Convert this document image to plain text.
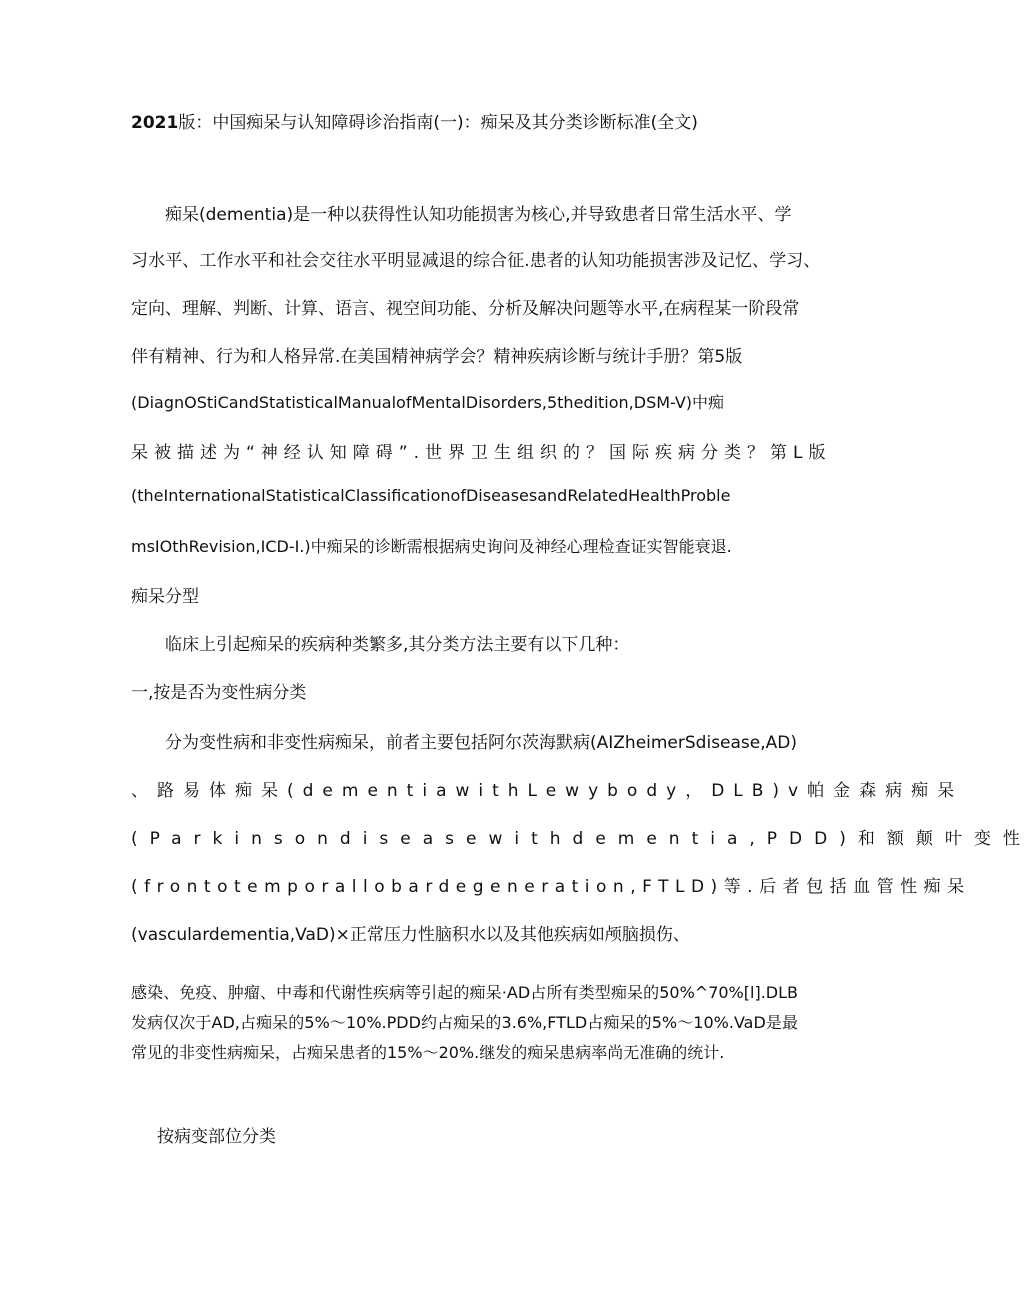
2021版：中国痴呆与认知障碍诊治指南(一)：痴呆及其分类诊断标准(全文)
痴呆(dementia)是一种以获得性认知功能损害为核心,并导致患者日常生活水平、学
习水平、工作水平和社会交往水平明显减退的综合征.患者的认知功能损害涉及记忆、学习、
定向、理解、判断、计算、语言、视空间功能、分析及解决问题等水平,在病程某一阶段常
伴有精神、行为和人格异常.在美国精神病学会？精神疾病诊断与统计手册？第5版
(DiagnOStiCandStatisticalManualofMentalDisorders,5thedition,DSM-V)中痴
呆被描述为“神经认知障碍”.世界卫生组织的？国际疾病分类？第L版
(theInternationalStatisticalClassificationofDiseasesandRelatedHealthProble
msIOthRevision,ICD-I.)中痴呆的诊断需根据病史询问及神经心理检查证实智能衰退.
痴呆分型
临床上引起痴呆的疾病种类繁多,其分类方法主要有以下几种：
一,按是否为变性病分类
分为变性病和非变性病痴呆，前者主要包括阿尔茨海默病(AIZheimerSdisease,AD)
、路易体痴呆(dementiawithLewybody，DLB)v帕金森病痴呆
(Parkinsondiseasewithdementia,PDD)和额颠叶变性
(frontotemporallobardegeneration,FTLD)等.后者包括血管性痴呆
(vasculardementia,VaD)×正常压力性脑积水以及其他疾病如颅脑损伤、
感染、免疫、肿瘤、中毒和代谢性疾病等引起的痴呆·AD占所有类型痴呆的50%^70%[l].DLB发病仅次于AD,占痴呆的5%〜10%.PDD约占痴呆的3.6%,FTLD占痴呆的5%〜10%.VaD是最常见的非变性病痴呆，占痴呆患者的15%〜20%.继发的痴呆患病率尚无准确的统计.
按病变部位分类
